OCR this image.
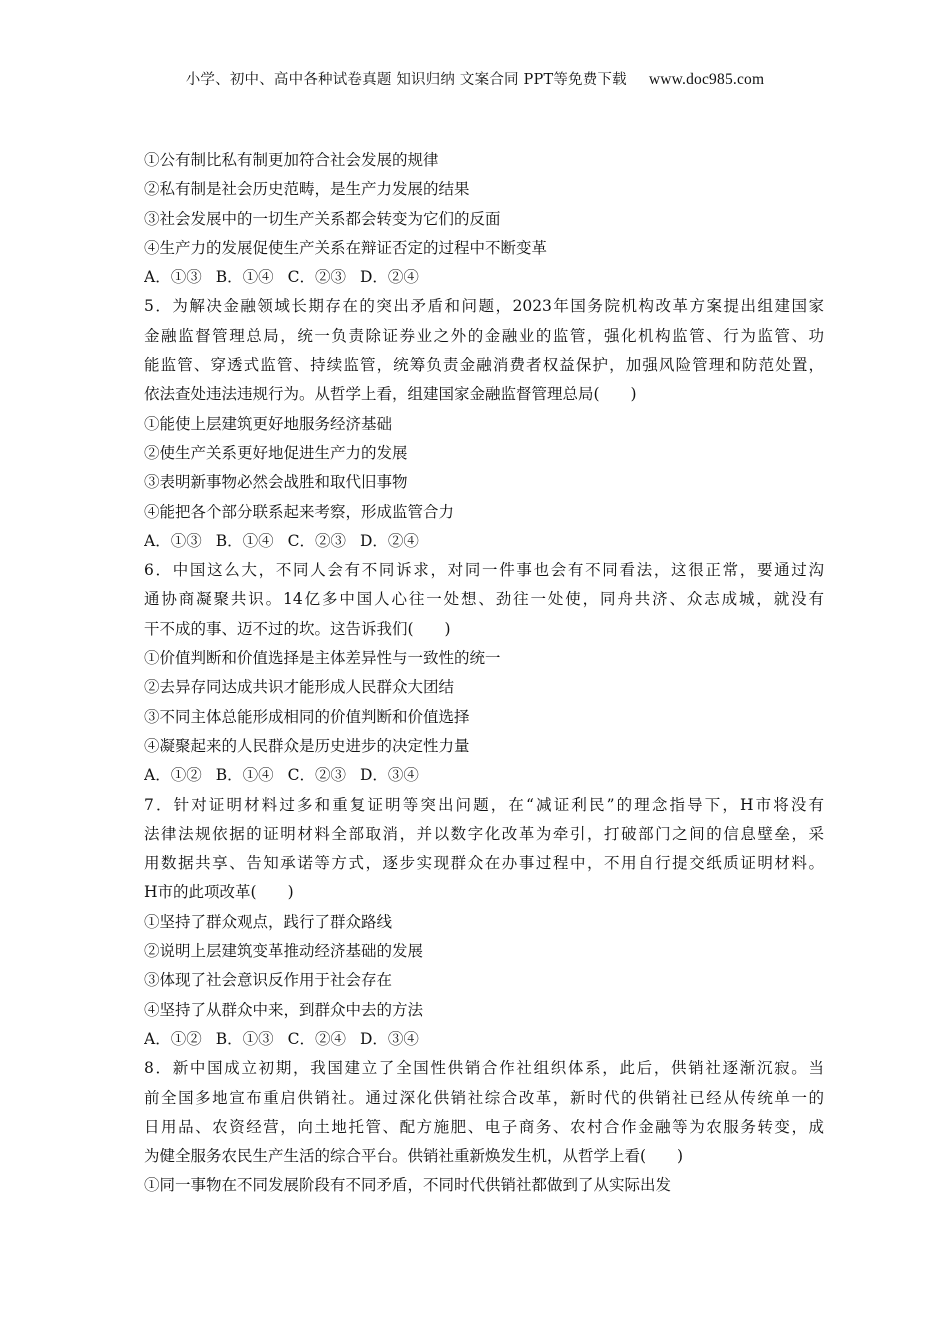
小学、初中、高中各种试卷真题 知识归纳 文案合同 PPT等免费下载 www.doc985.com
①公有制比私有制更加符合社会发展的规律
②私有制是社会历史范畴，是生产力发展的结果
③社会发展中的一切生产关系都会转变为它们的反面
④生产力的发展促使生产关系在辩证否定的过程中不断变革
A．①③ B．①④ C．②③ D．②④
5．为解决金融领域长期存在的突出矛盾和问题，2023年国务院机构改革方案提出组建国家
金融监督管理总局，统一负责除证券业之外的金融业的监管，强化机构监管、行为监管、功
能监管、穿透式监管、持续监管，统筹负责金融消费者权益保护，加强风险管理和防范处置，
依法查处违法违规行为。从哲学上看，组建国家金融监督管理总局(　　)
①能使上层建筑更好地服务经济基础
②使生产关系更好地促进生产力的发展
③表明新事物必然会战胜和取代旧事物
④能把各个部分联系起来考察，形成监管合力
A．①③ B．①④ C．②③ D．②④
6．中国这么大，不同人会有不同诉求，对同一件事也会有不同看法，这很正常，要通过沟
通协商凝聚共识。14亿多中国人心往一处想、劲往一处使，同舟共济、众志成城，就没有
干不成的事、迈不过的坎。这告诉我们(　　)
①价值判断和价值选择是主体差异性与一致性的统一
②去异存同达成共识才能形成人民群众大团结
③不同主体总能形成相同的价值判断和价值选择
④凝聚起来的人民群众是历史进步的决定性力量
A．①② B．①④ C．②③ D．③④
7．针对证明材料过多和重复证明等突出问题，在“减证利民”的理念指导下，H市将没有
法律法规依据的证明材料全部取消，并以数字化改革为牵引，打破部门之间的信息壁垒，采
用数据共享、告知承诺等方式，逐步实现群众在办事过程中，不用自行提交纸质证明材料。
H市的此项改革(　　)
①坚持了群众观点，践行了群众路线
②说明上层建筑变革推动经济基础的发展
③体现了社会意识反作用于社会存在
④坚持了从群众中来，到群众中去的方法
A．①② B．①③ C．②④ D．③④
8．新中国成立初期，我国建立了全国性供销合作社组织体系，此后，供销社逐渐沉寂。当
前全国多地宣布重启供销社。通过深化供销社综合改革，新时代的供销社已经从传统单一的
日用品、农资经营，向土地托管、配方施肥、电子商务、农村合作金融等为农服务转变，成
为健全服务农民生产生活的综合平台。供销社重新焕发生机，从哲学上看(　　)
①同一事物在不同发展阶段有不同矛盾，不同时代供销社都做到了从实际出发
